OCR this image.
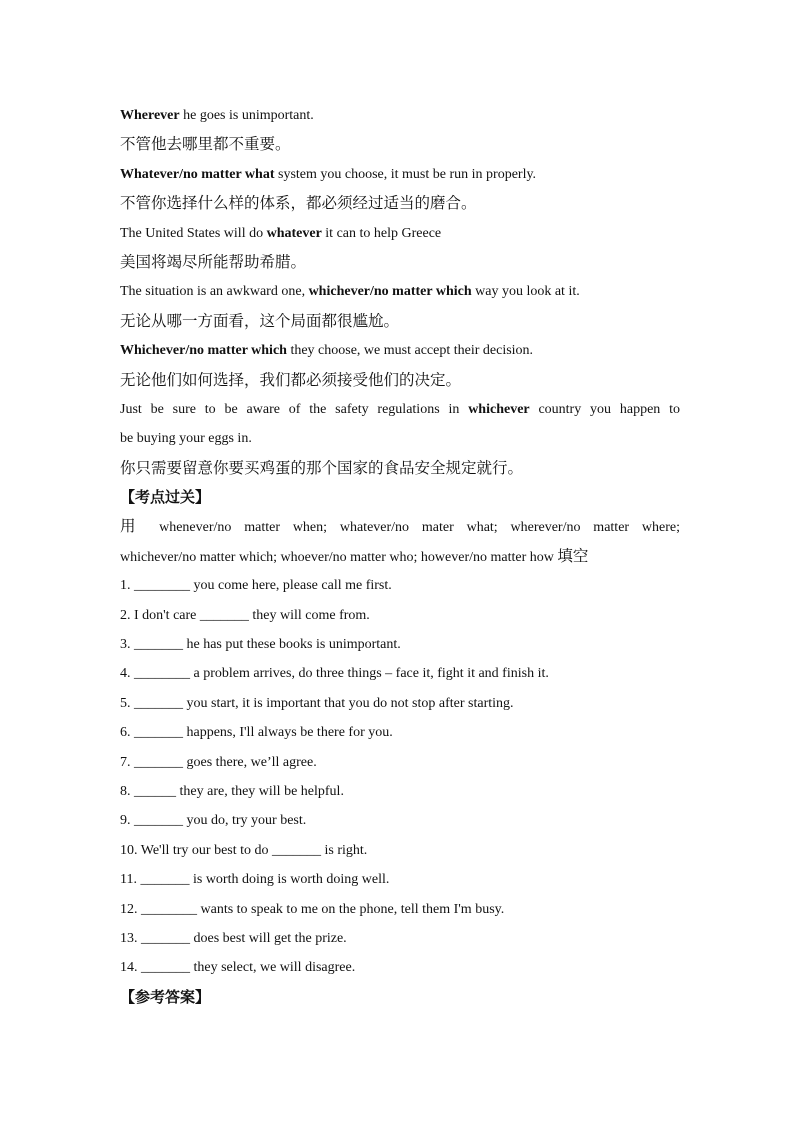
Wherever he goes is unimportant.
不管他去哪里都不重要。
Whatever/no matter what system you choose, it must be run in properly.
不管你选择什么样的体系，都必须经过适当的磨合。
The United States will do whatever it can to help Greece
美国将竭尽所能帮助希腊。
The situation is an awkward one, whichever/no matter which way you look at it.
无论从哪一方面看，这个局面都很尴尬。
Whichever/no matter which they choose, we must accept their decision.
无论他们如何选择，我们都必须接受他们的决定。
Just be sure to be aware of the safety regulations in whichever country you happen to
be buying your eggs in.
你只需要留意你要买鸡蛋的那个国家的食品安全规定就行。
【考点过关】
用 whenever/no matter when; whatever/no mater what; wherever/no matter where;
whichever/no matter which; whoever/no matter who; however/no matter how 填空
1. ________ you come here, please call me first.
2. I don't care _______ they will come from.
3. _______ he has put these books is unimportant.
4. ________ a problem arrives, do three things – face it, fight it and finish it.
5. _______ you start, it is important that you do not stop after starting.
6. _______ happens, I'll always be there for you.
7. _______ goes there, we’ll agree.
8. ______ they are, they will be helpful.
9. _______ you do, try your best.
10. We'll try our best to do _______ is right.
11. _______ is worth doing is worth doing well.
12. ________ wants to speak to me on the phone, tell them I'm busy.
13. _______ does best will get the prize.
14. _______ they select, we will disagree.
【参考答案】
